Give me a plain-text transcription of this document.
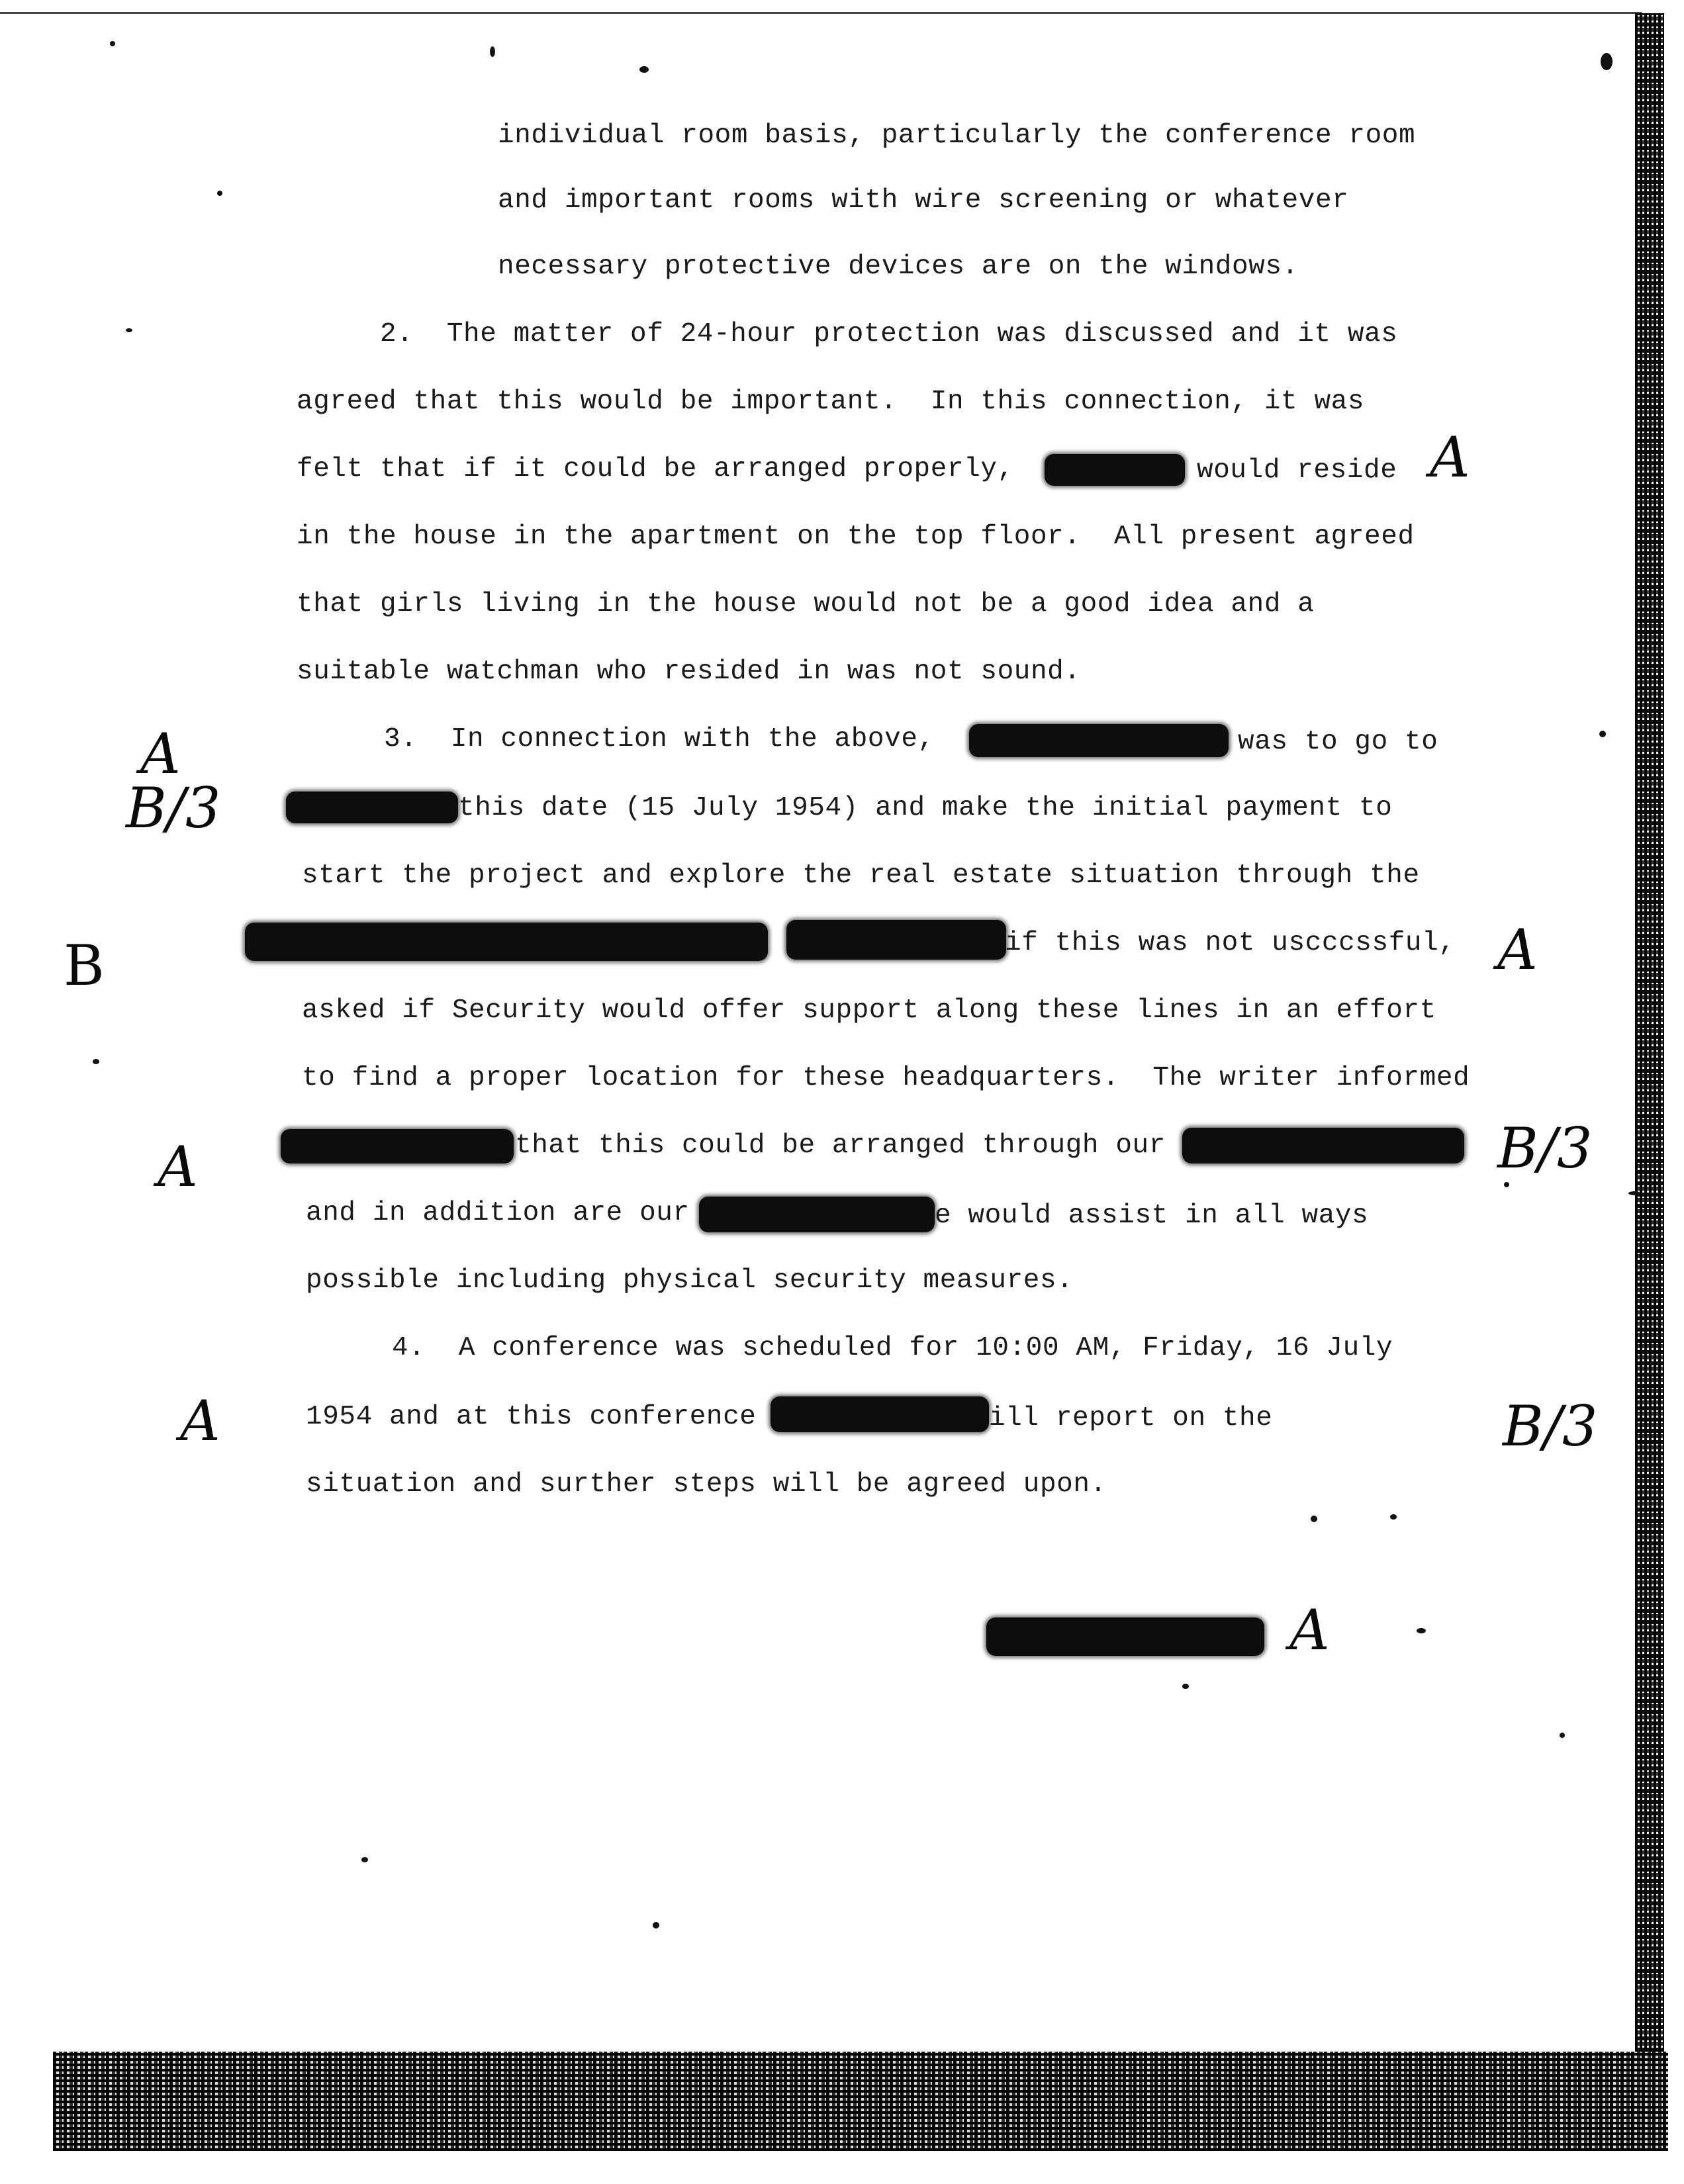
individual room basis, particularly the conference room
and important rooms with wire screening or whatever
necessary protective devices are on the windows.
2.  The matter of 24-hour protection was discussed and it was
agreed that this would be important.  In this connection, it was
felt that if it could be arranged properly,	would reside
in the house in the apartment on the top floor.  All present agreed
that girls living in the house would not be a good idea and a
suitable watchman who resided in was not sound.
3.  In connection with the above,	was to go to
this date (15 July 1954) and make the initial payment to
start the project and explore the real estate situation through the
if this was not uscccssful,
asked if Security would offer support along these lines in an effort
to find a proper location for these headquarters.  The writer informed
that this could be arranged through our
and in addition are our	e would assist in all ways
possible including physical security measures.
4.  A conference was scheduled for 10:00 AM, Friday, 16 July
1954 and at this conference	ill report on the
situation and surther steps will be agreed upon.
A
A
B/3
B	A
A	B/3
A	B/3
A
